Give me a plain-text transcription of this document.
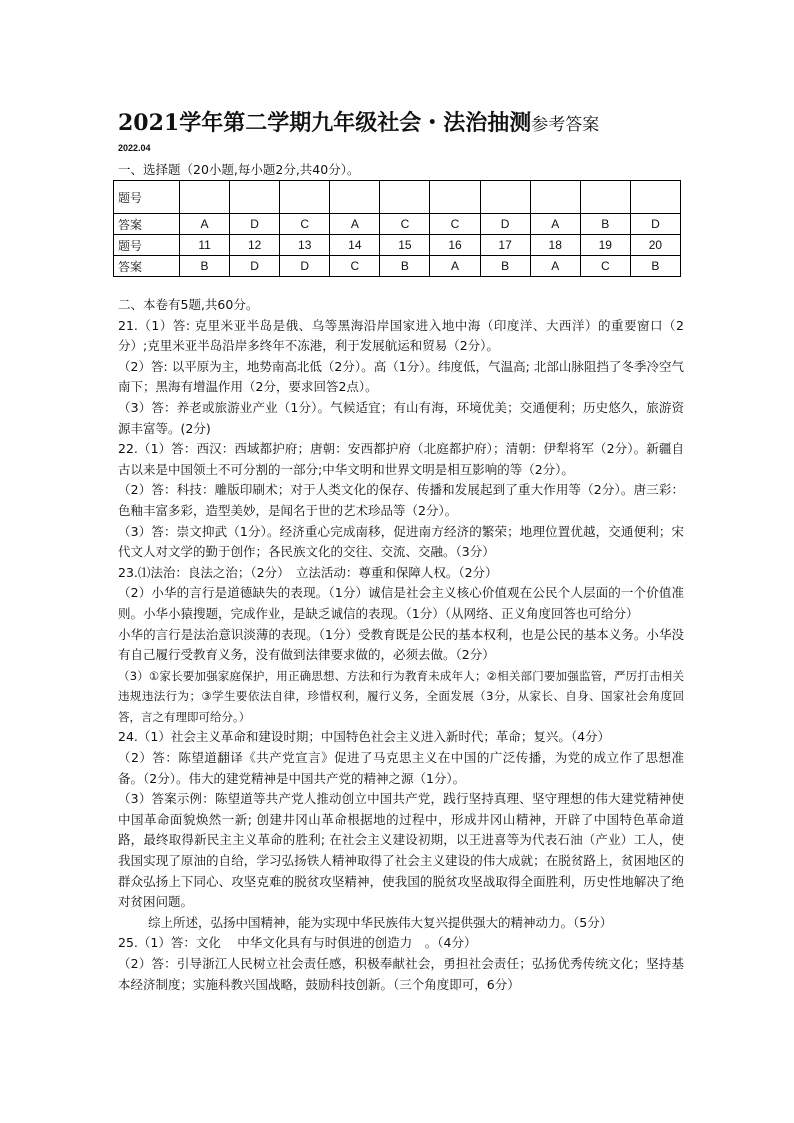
2021学年第二学期九年级社会・法治抽测参考答案
2022.04
一、选择题（20小题,每小题2分,共40分）。
题号										
答案	A	D	C	A	C	C	D	A	B	D
题号	11	12	13	14	15	16	17	18	19	20
答案	B	D	D	C	B	A	B	A	C	B

二、本卷有5题,共60分。

21.（1）答: 克里米亚半岛是俄、乌等黑海沿岸国家进入地中海（印度洋、大西洋）的重要窗口（2分）;克里米亚半岛沿岸多终年不冻港，利于发展航运和贸易（2分）。

（2）答: 以平原为主，地势南高北低（2分）。高（1分）。纬度低，气温高; 北部山脉阻挡了冬季冷空气南下；黑海有增温作用（2分，要求回答2点）。

（3）答：养老或旅游业产业（1分）。气候适宜；有山有海，环境优美；交通便利；历史悠久，旅游资源丰富等。(2分)

22.（1）答：西汉：西域都护府；唐朝：安西都护府（北庭都护府）；清朝：伊犁将军（2分）。新疆自古以来是中国领土不可分割的一部分;中华文明和世界文明是相互影响的等（2分）。

（2）答：科技：雕版印刷术；对于人类文化的保存、传播和发展起到了重大作用等（2分）。唐三彩：色釉丰富多彩，造型美妙，是闻名于世的艺术珍品等（2分）。

（3）答：崇文抑武（1分）。经济重心完成南移，促进南方经济的繁荣；地理位置优越，交通便利；宋代文人对文学的勤于创作；各民族文化的交往、交流、交融。（3分）

23.⑴法治：良法之治；（2分）　立法活动：尊重和保障人权。（2分）

（2）小华的言行是道德缺失的表现。（1分）诚信是社会主义核心价值观在公民个人层面的一个价值准则。小华小猿搜题，完成作业，是缺乏诚信的表现。（1分）（从网络、正义角度回答也可给分）

小华的言行是法治意识淡薄的表现。（1分）受教育既是公民的基本权利，也是公民的基本义务。小华没有自己履行受教育义务，没有做到法律要求做的，必须去做。（2分）

（3）①家长要加强家庭保护，用正确思想、方法和行为教育未成年人；②相关部门要加强监管，严厉打击相关违规违法行为；③学生要依法自律，珍惜权利，履行义务，全面发展（3分，从家长、自身、国家社会角度回答，言之有理即可给分。）

24.（1）社会主义革命和建设时期；中国特色社会主义进入新时代；革命；复兴。（4分）

（2）答：陈望道翻译《共产党宣言》促进了马克思主义在中国的广泛传播，为党的成立作了思想准备。（2分）。伟大的建党精神是中国共产党的精神之源（1分）。

（3）答案示例：陈望道等共产党人推动创立中国共产党，践行坚持真理、坚守理想的伟大建党精神使中国革命面貌焕然一新; 创建井冈山革命根据地的过程中，形成井冈山精神，开辟了中国特色革命道路，最终取得新民主主义革命的胜利; 在社会主义建设初期，以王进喜等为代表石油（产业）工人，使我国实现了原油的自给，学习弘扬铁人精神取得了社会主义建设的伟大成就；在脱贫路上，贫困地区的群众弘扬上下同心、攻坚克难的脱贫攻坚精神，使我国的脱贫攻坚战取得全面胜利，历史性地解决了绝对贫困问题。

综上所述，弘扬中国精神，能为实现中华民族伟大复兴提供强大的精神动力。（5分）

25.（1）答：文化　 中华文化具有与时俱进的创造力　。（4分）

（2）答：引导浙江人民树立社会责任感，积极奉献社会，勇担社会责任；弘扬优秀传统文化；坚持基本经济制度；实施科教兴国战略，鼓励科技创新。（三个角度即可，6分）
